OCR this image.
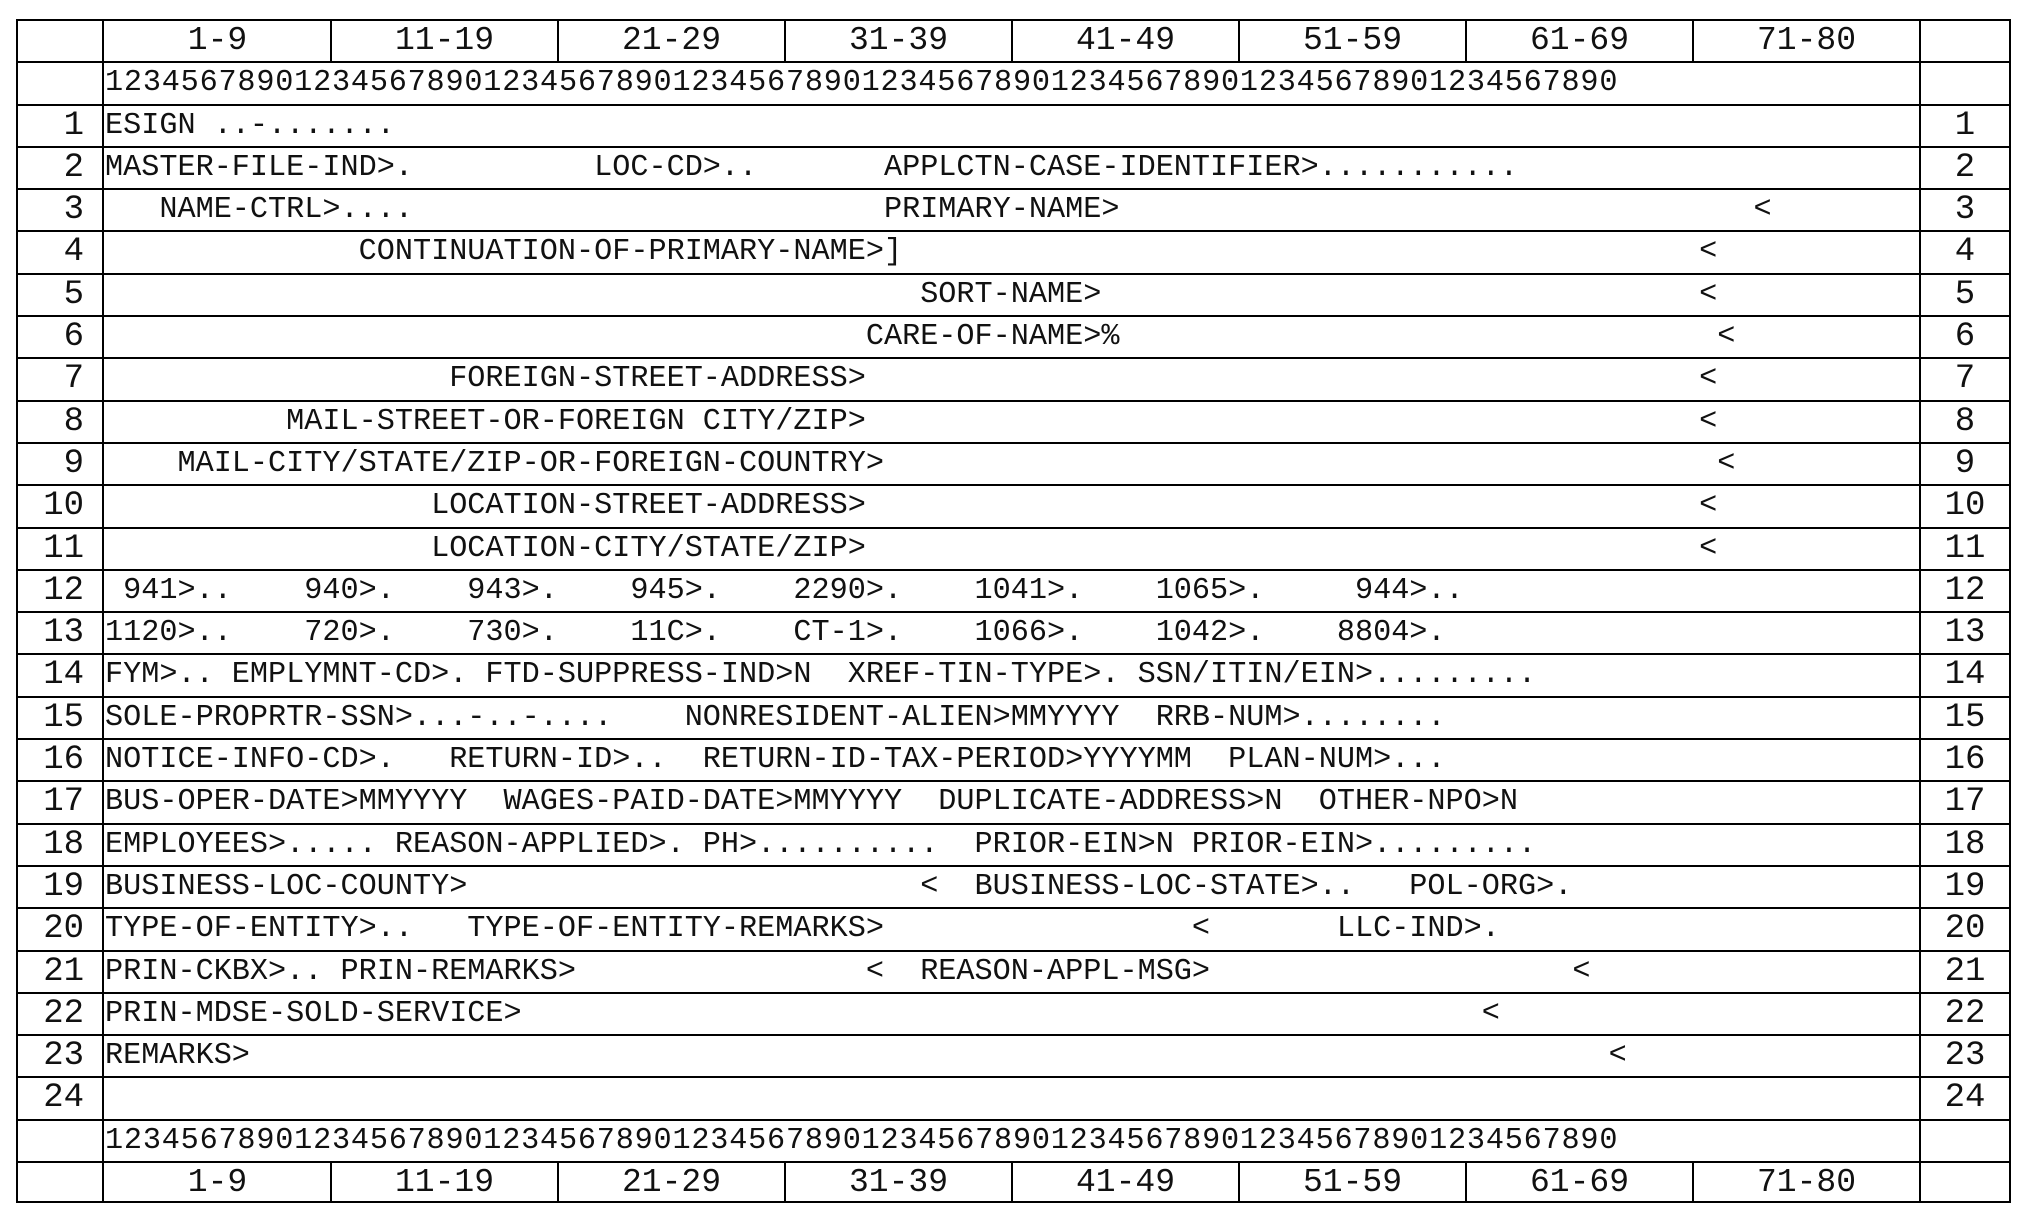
1-9	11-19	21-29	31-39	41-49	51-59	61-69	71-80
12345678901234567890123456789012345678901234567890123456789012345678901234567890
1 ESIGN ..-.......	1
2 MASTER-FILE-IND>.          LOC-CD>..       APPLCTN-CASE-IDENTIFIER>...........	2
3 NAME-CTRL>....                          PRIMARY-NAME>                                   <	3
4 CONTINUATION-OF-PRIMARY-NAME>]                                            <	4
5 SORT-NAME>                                 <	5
6 CARE-OF-NAME>%                                 <	6
7 FOREIGN-STREET-ADDRESS>                                              <	7
8 MAIL-STREET-OR-FOREIGN CITY/ZIP>                                              <	8
9 MAIL-CITY/STATE/ZIP-OR-FOREIGN-COUNTRY>                                              <	9
10 LOCATION-STREET-ADDRESS>                                              <	10
11 LOCATION-CITY/STATE/ZIP>                                              <	11
12 941>..    940>.    943>.    945>.    2290>.    1041>.    1065>.     944>..	12
13 1120>..    720>.    730>.    11C>.    CT-1>.    1066>.    1042>.    8804>.	13
14 FYM>.. EMPLYMNT-CD>. FTD-SUPPRESS-IND>N  XREF-TIN-TYPE>. SSN/ITIN/EIN>.........	14
15 SOLE-PROPRTR-SSN>...-..-....    NONRESIDENT-ALIEN>MMYYYY  RRB-NUM>........	15
16 NOTICE-INFO-CD>.   RETURN-ID>..  RETURN-ID-TAX-PERIOD>YYYYMM  PLAN-NUM>...	16
17 BUS-OPER-DATE>MMYYYY  WAGES-PAID-DATE>MMYYYY  DUPLICATE-ADDRESS>N  OTHER-NPO>N	17
18 EMPLOYEES>..... REASON-APPLIED>. PH>..........  PRIOR-EIN>N PRIOR-EIN>.........	18
19 BUSINESS-LOC-COUNTY>                         <  BUSINESS-LOC-STATE>..   POL-ORG>.	19
20 TYPE-OF-ENTITY>..   TYPE-OF-ENTITY-REMARKS>                 <       LLC-IND>.	20
21 PRIN-CKBX>.. PRIN-REMARKS>                <  REASON-APPL-MSG>                    <	21
22 PRIN-MDSE-SOLD-SERVICE>                                                     <	22
23 REMARKS>                                                                           <	23
24	24
12345678901234567890123456789012345678901234567890123456789012345678901234567890
1-9	11-19	21-29	31-39	41-49	51-59	61-69	71-80
